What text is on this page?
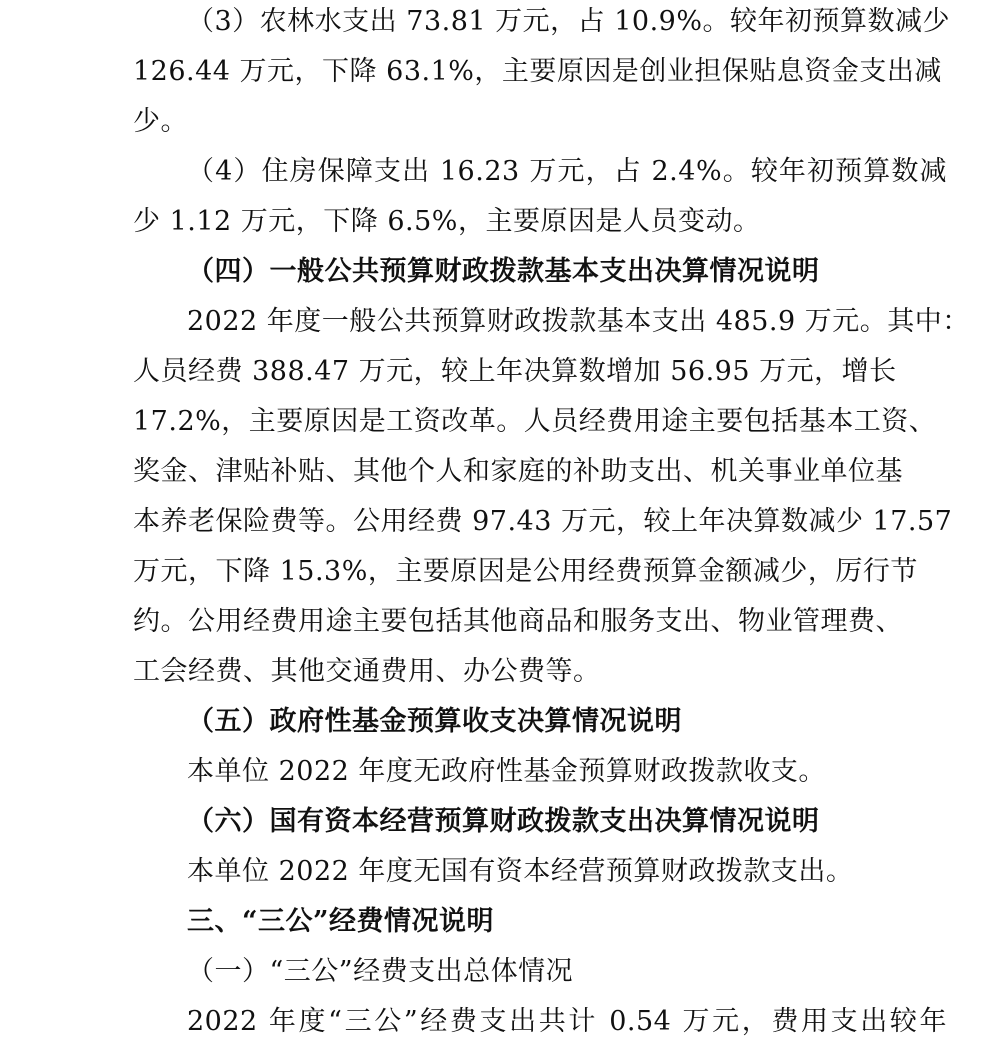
（3）农林水支出 73.81 万元，占 10.9%。较年初预算数减少
126.44 万元，下降 63.1%，主要原因是创业担保贴息资金支出减
少。
（4）住房保障支出 16.23 万元，占 2.4%。较年初预算数减
少 1.12 万元，下降 6.5%，主要原因是人员变动。
（四）一般公共预算财政拨款基本支出决算情况说明
2022 年度一般公共预算财政拨款基本支出 485.9 万元。其中：
人员经费 388.47 万元，较上年决算数增加 56.95 万元，增长
17.2%，主要原因是工资改革。人员经费用途主要包括基本工资、
奖金、津贴补贴、其他个人和家庭的补助支出、机关事业单位基
本养老保险费等。公用经费 97.43 万元，较上年决算数减少 17.57
万元，下降 15.3%，主要原因是公用经费预算金额减少，厉行节
约。公用经费用途主要包括其他商品和服务支出、物业管理费、
工会经费、其他交通费用、办公费等。
（五）政府性基金预算收支决算情况说明
本单位 2022 年度无政府性基金预算财政拨款收支。
（六）国有资本经营预算财政拨款支出决算情况说明
本单位 2022 年度无国有资本经营预算财政拨款支出。
三、“三公”经费情况说明
（一）“三公”经费支出总体情况
2022 年度“三公”经费支出共计 0.54 万元，费用支出较年
